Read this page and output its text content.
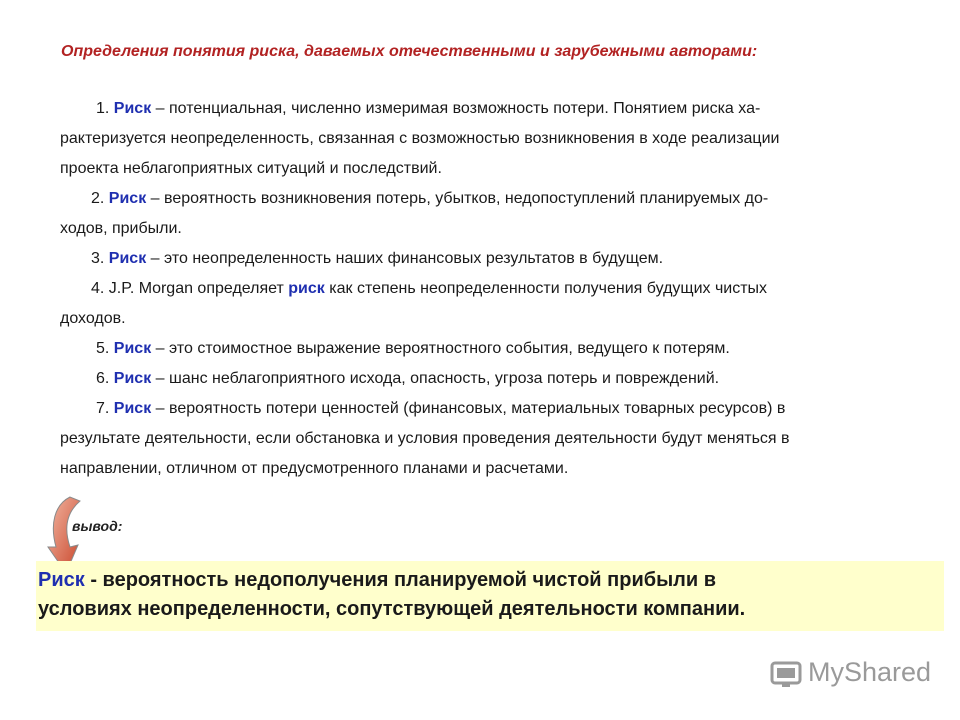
Определения понятия риска, даваемых отечественными и зарубежными авторами:
1. Риск – потенциальная, численно измеримая возможность потери. Понятием риска ха-
рактеризуется неопределенность, связанная с возможностью возникновения в ходе реализации
проекта неблагоприятных ситуаций и последствий.
2. Риск – вероятность возникновения потерь, убытков, недопоступлений планируемых до-
ходов, прибыли.
3. Риск – это неопределенность наших финансовых результатов в будущем.
4. J.P. Morgan определяет риск как степень неопределенности получения будущих чистых
доходов.
5. Риск – это стоимостное выражение вероятностного события, ведущего к потерям.
6. Риск – шанс неблагоприятного исхода, опасность, угроза потерь и повреждений.
7. Риск – вероятность потери ценностей (финансовых, материальных товарных ресурсов) в
результате деятельности, если обстановка и условия проведения деятельности будут меняться в
направлении, отличном от предусмотренного планами и расчетами.
вывод:
Риск - вероятность недополучения планируемой чистой прибыли в
условиях неопределенности, сопутствующей деятельности компании.
MyShared
